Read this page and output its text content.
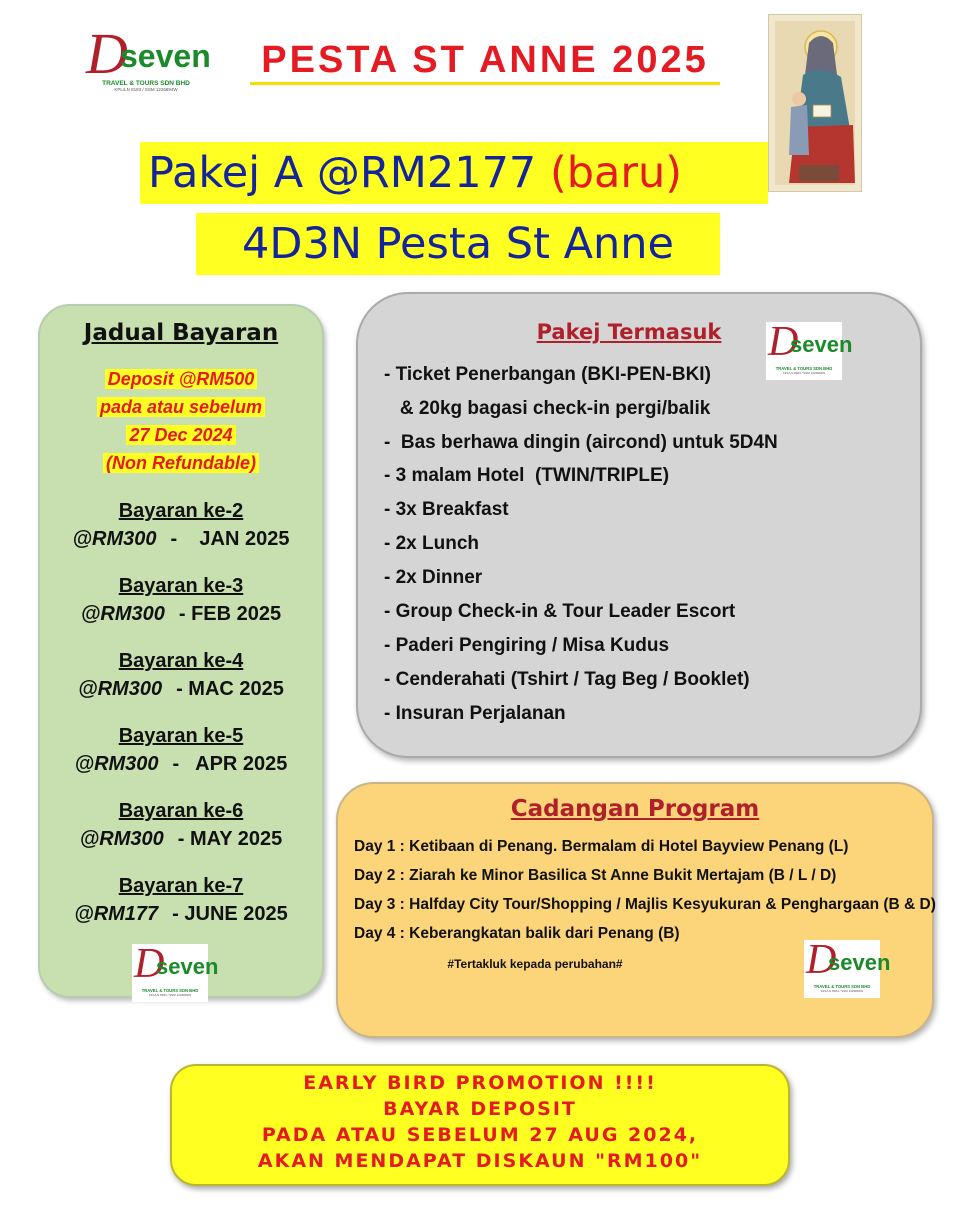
D
seven
TRAVEL & TOURS SDN BHD
KPL/LN 8183 / SSM 1226894W
PESTA ST ANNE 2025
Pakej A @RM2177 (baru)
4D3N Pesta St Anne
Jadual Bayaran
Deposit @RM500
pada atau sebelum
27 Dec 2024
(Non Refundable)
Bayaran ke-2
@RM300 -    JAN 2025
Bayaran ke-3
@RM300 - FEB 2025
Bayaran ke-4
@RM300 - MAC 2025
Bayaran ke-5
@RM300 -   APR 2025
Bayaran ke-6
@RM300 - MAY 2025
Bayaran ke-7
@RM177 - JUNE 2025
D
seven
TRAVEL & TOURS SDN BHD
KPL/LN 8183 / SSM 1226894W
Pakej Termasuk	D
seven
TRAVEL & TOURS SDN BHD
KPL/LN 8183 / SSM 1226894W
- Ticket Penerbangan (BKI-PEN-BKI)
& 20kg bagasi check-in pergi/balik
-  Bas berhawa dingin (aircond) untuk 5D4N
- 3 malam Hotel  (TWIN/TRIPLE)
- 3x Breakfast
- 2x Lunch
- 2x Dinner
- Group Check-in & Tour Leader Escort
- Paderi Pengiring / Misa Kudus
- Cenderahati (Tshirt / Tag Beg / Booklet)
- Insuran Perjalanan
Cadangan Program
Day 1 : Ketibaan di Penang. Bermalam di Hotel Bayview Penang (L)
Day 2 : Ziarah ke Minor Basilica St Anne Bukit Mertajam (B / L / D)
Day 3 : Halfday City Tour/Shopping / Majlis Kesyukuran & Penghargaan (B & D)
Day 4 : Keberangkatan balik dari Penang (B)
#Tertakluk kepada perubahan#	D
seven
TRAVEL & TOURS SDN BHD
KPL/LN 8183 / SSM 1226894W
EARLY BIRD PROMOTION !!!!
BAYAR DEPOSIT
PADA ATAU SEBELUM 27 AUG 2024,
AKAN MENDAPAT DISKAUN "RM100"
